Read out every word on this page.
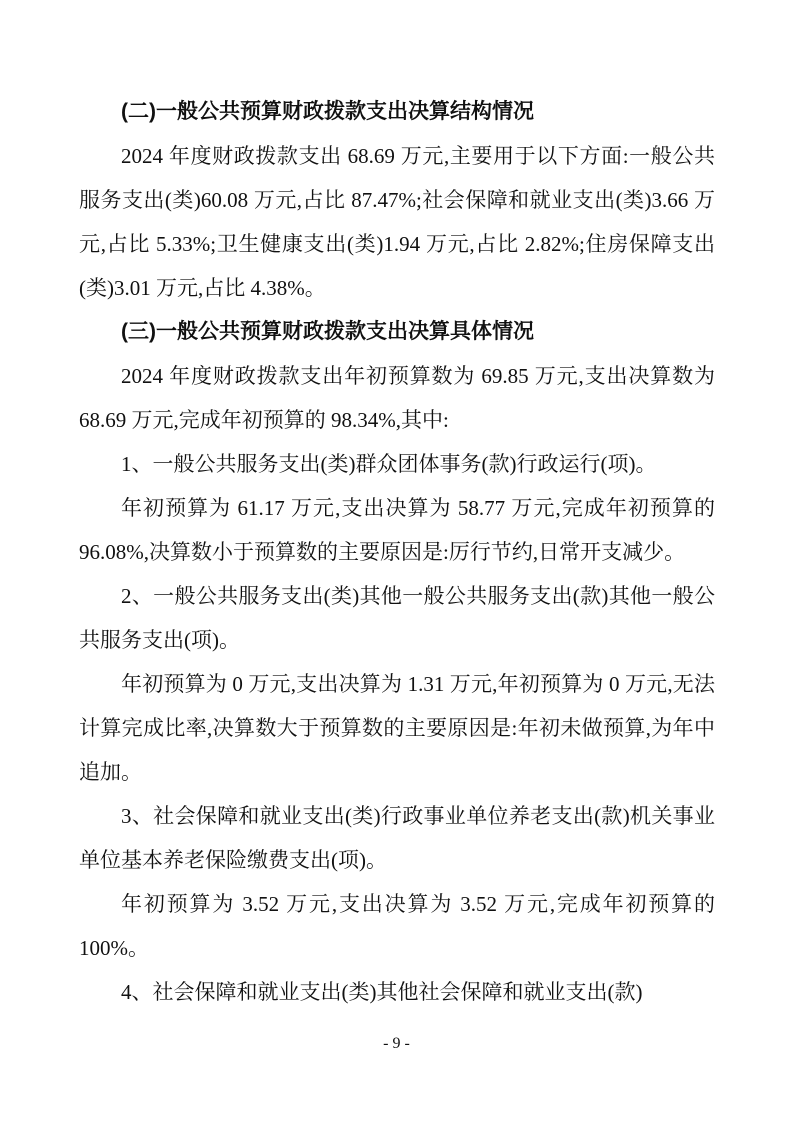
(二)一般公共预算财政拨款支出决算结构情况

2024 年度财政拨款支出 68.69 万元,主要用于以下方面:一般公共服务支出(类)60.08 万元,占比 87.47%;社会保障和就业支出(类)3.66 万元,占比 5.33%;卫生健康支出(类)1.94 万元,占比 2.82%;住房保障支出(类)3.01 万元,占比 4.38%。

(三)一般公共预算财政拨款支出决算具体情况

2024 年度财政拨款支出年初预算数为 69.85 万元,支出决算数为 68.69 万元,完成年初预算的 98.34%,其中:

1、一般公共服务支出(类)群众团体事务(款)行政运行(项)。

年初预算为 61.17 万元,支出决算为 58.77 万元,完成年初预算的 96.08%,决算数小于预算数的主要原因是:厉行节约,日常开支减少。

2、一般公共服务支出(类)其他一般公共服务支出(款)其他一般公共服务支出(项)。

年初预算为 0 万元,支出决算为 1.31 万元,年初预算为 0 万元,无法计算完成比率,决算数大于预算数的主要原因是:年初未做预算,为年中追加。

3、社会保障和就业支出(类)行政事业单位养老支出(款)机关事业单位基本养老保险缴费支出(项)。

年初预算为 3.52 万元,支出决算为 3.52 万元,完成年初预算的 100%。

4、社会保障和就业支出(类)其他社会保障和就业支出(款)

- 9 -
